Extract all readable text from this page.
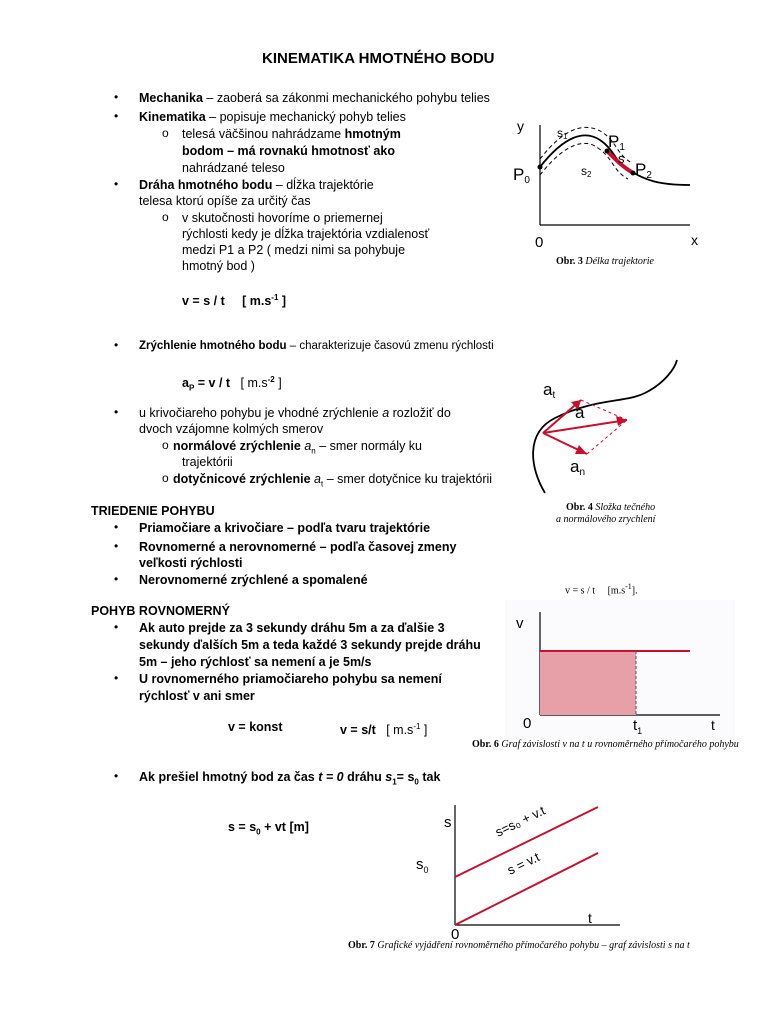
KINEMATIKA HMOTNÉHO BODU
• Mechanika – zaoberá sa zákonmi mechanického pohybu telies
• Kinematika – popisuje mechanický pohyb telies
o telesá väčšinou nahrádzame hmotným
bodom – má rovnakú hmotnosť ako
nahrádzané teleso
• Dráha hmotného bodu – dĺžka trajektórie
telesa ktorú opíše za určitý čas
o v skutočnosti hovoríme o priemernej
rýchlosti kedy je dĺžka trajektória vzdialenosť
medzi P1 a P2 ( medzi nimi sa pohybuje
hmotný bod )
v = s / t [ $m.s^{-1}$ ]
• Zrýchlenie hmotného bodu – charakterizuje časovú zmenu rýchlosti
$a_P = v / t$ [ $m.s^{-2}$ ]
• u krivočiareho pohybu je vhodné zrýchlenie a rozložiť do
dvoch vzájomne kolmých smerov
o normálové zrýchlenie $a_n$ – smer normály ku
trajektórii
o dotyčnicové zrýchlenie $a_t$ – smer dotyčnice ku trajektórii
TRIEDENIE POHYBU
• Priamočiare a krivočiare – podľa tvaru trajektórie
• Rovnomerné a nerovnomerné – podľa časovej zmeny
veľkosti rýchlosti
• Nerovnomerné zrýchlené a spomalené
POHYB ROVNOMERNÝ
• Ak auto prejde za 3 sekundy dráhu 5m a za ďalšie 3
sekundy ďalších 5m a teda každé 3 sekundy prejde dráhu
5m – jeho rýchlosť sa nemení a je 5m/s
• U rovnomerného priamočiareho pohybu sa nemení
rýchlosť v ani smer
v = konst	v = s/t [ $m.s^{-1}$ ]
• Ak prešiel hmotný bod za čas t = 0 dráhu $s_1= s_0$ tak
$s = s_0$ + vt [m]
y
x
0
P0
P1
P2
s
s1
s2
Obr. 3 Délka trajektorie
at
a
an
Obr. 4 Složka tečného
a normálového zrychlení
v = s / t $[m.s^{-1}]$.
v
0	t
$t_1$
Obr. 6 Graf závislosti v na t u rovnoměrného přímočarého pohybu
s
$s_0$
0
t
s=s₀ + v.t
s = v.t
Obr. 7 Grafické vyjádření rovnoměrného přímočarého pohybu – graf závislosti s na t
